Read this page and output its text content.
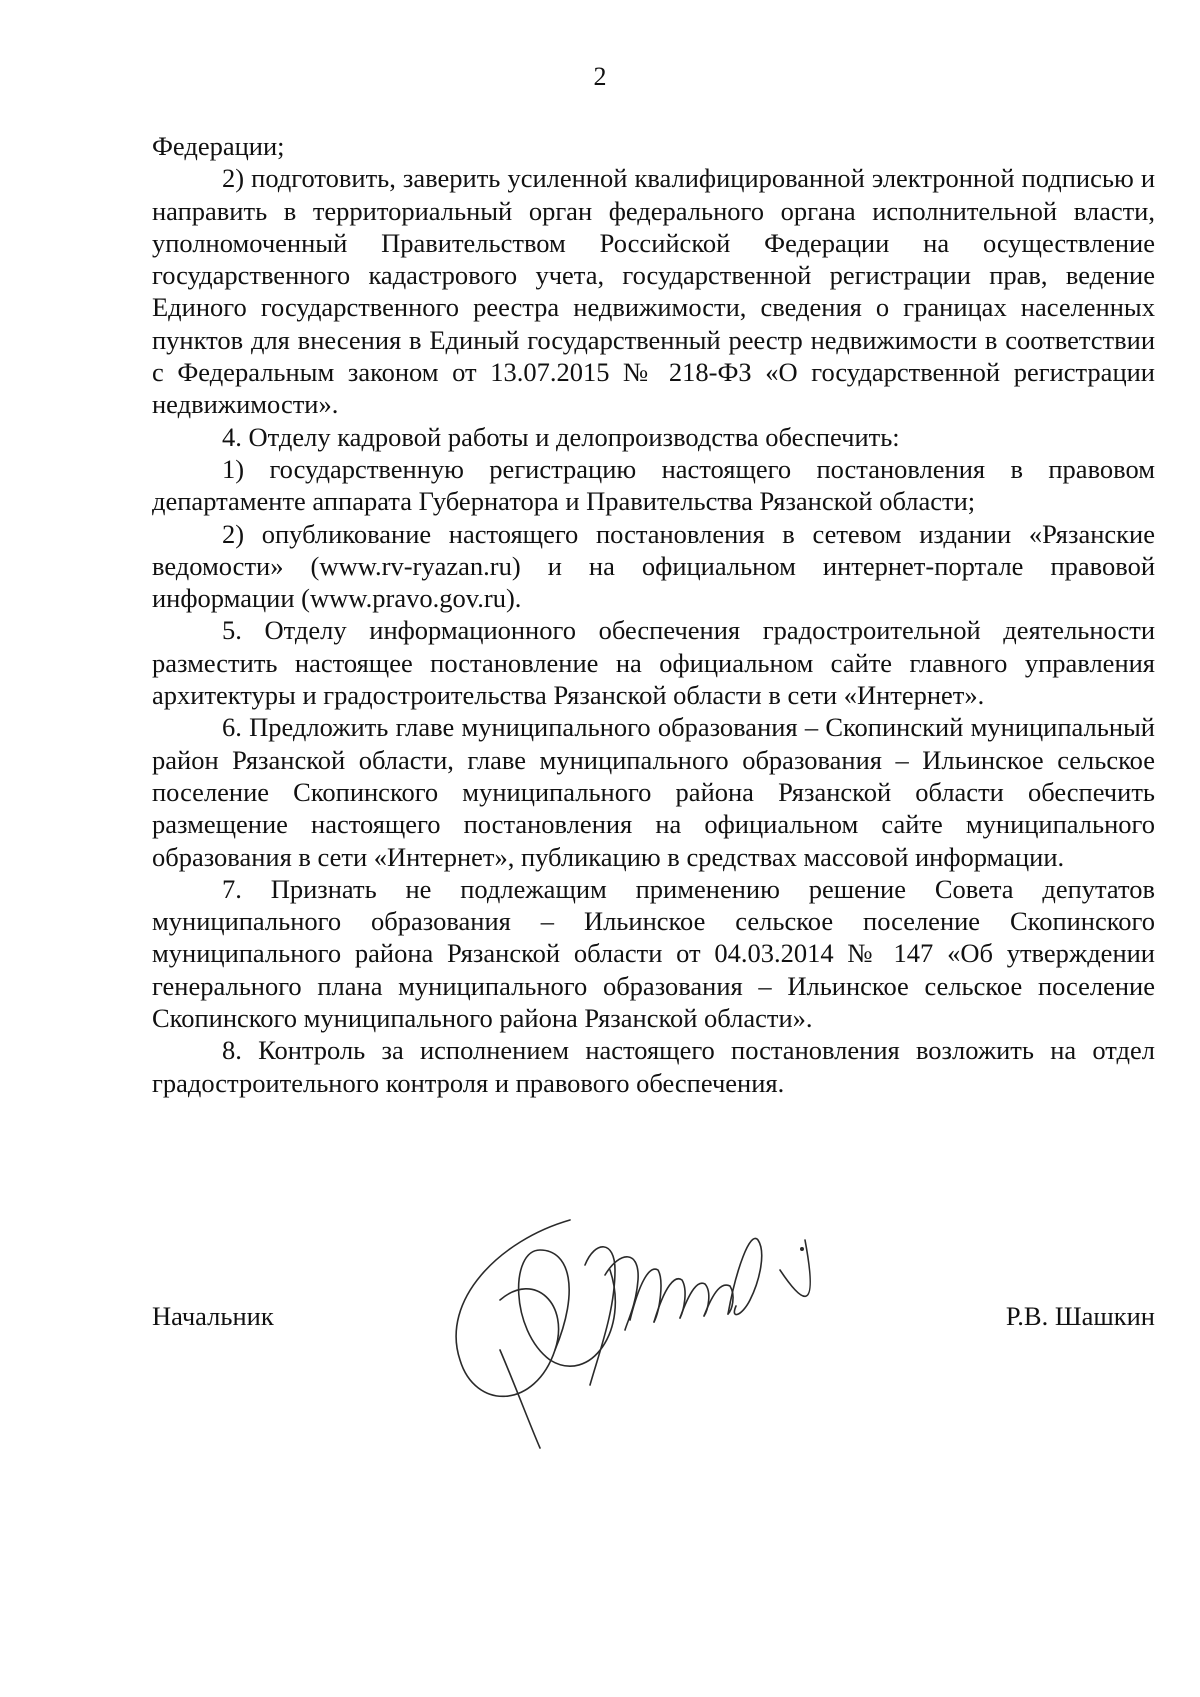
2

Федерации;

2) подготовить, заверить усиленной квалифицированной электронной подписью и направить в территориальный орган федерального органа исполнительной власти, уполномоченный Правительством Российской Федерации на осуществление государственного кадастрового учета, государственной регистрации прав, ведение Единого государственного реестра недвижимости, сведения о границах населенных пунктов для внесения в Единый государственный реестр недвижимости в соответствии с Федеральным законом от 13.07.2015 № 218-ФЗ «О государственной регистрации недвижимости».

4. Отделу кадровой работы и делопроизводства обеспечить:

1) государственную регистрацию настоящего постановления в правовом департаменте аппарата Губернатора и Правительства Рязанской области;

2) опубликование настоящего постановления в сетевом издании «Рязанские ведомости» (www.rv-ryazan.ru) и на официальном интернет-портале правовой информации (www.pravo.gov.ru).

5. Отделу информационного обеспечения градостроительной деятельности разместить настоящее постановление на официальном сайте главного управления архитектуры и градостроительства Рязанской области в сети «Интернет».

6. Предложить главе муниципального образования – Скопинский муниципальный район Рязанской области, главе муниципального образования – Ильинское сельское поселение Скопинского муниципального района Рязанской области обеспечить размещение настоящего постановления на официальном сайте муниципального образования в сети «Интернет», публикацию в средствах массовой информации.

7. Признать не подлежащим применению решение Совета депутатов муниципального образования – Ильинское сельское поселение Скопинского муниципального района Рязанской области от 04.03.2014 № 147 «Об утверждении генерального плана муниципального образования – Ильинское сельское поселение Скопинского муниципального района Рязанской области».

8. Контроль за исполнением настоящего постановления возложить на отдел градостроительного контроля и правового обеспечения.

Начальник	Р.В. Шашкин
